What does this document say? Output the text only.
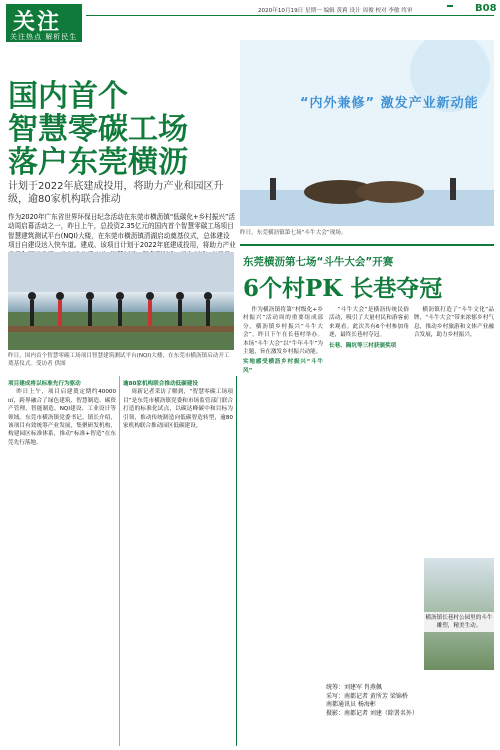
关注
关注热点 解析民生
2020年10月19日 星期一 编辑 黄莉 设计 周俊 校对 李敏 终审	B08
国内首个
智慧零碳工场
落户东莞横沥
计划于2022年底建成投用，将助力产业和园区升级，逾80家机构联合推动
作为2020年广东省世界环保日纪念活动在东莞市横沥镇“低碳化+乡村振兴”活动周启幕活动之一，昨日上午，总投资2.35亿元的国内首个智慧零碳工场项目智慧建筑测试平台(NQI)大楼，在东莞市横沥镇清湖启动奠基仪式，总体建设项目自建设达入快车道。建成、该项目计划于2022年底建成投用，将助力产业
昨日，国内首个智慧零碳工场项目智慧建筑测试平台(NQI)大楼，在东莞市横沥镇启动开工奠基仪式。受访者 供图
“内外兼修” 激发产业新动能
昨日，东莞横沥镇第七场“斗牛大会”现场。
东莞横沥第七场“斗牛大会”开赛
6个村PK 长巷夺冠
项目建成将以标准先行为驱动

昨日上午，项目启建奠定期约40000㎡，跨界融合了绿色建筑、智慧制造、碳资产管理、智能制造、NQI建设、工业设计等领域。东莞市横沥镇党委书记、镇长介绍，该项目有效统筹产业发展，集聚研发机构，构建园区标准体系，推动“标准+智造”在东莞先行落地。

逾80家机构联合推动低碳建设

周新记者采访了解到，“智慧零碳工场项目”是东莞市横沥镇党委和市场监管部门联合打造的标准化试点，以碳达峰碳中和目标为引领，推动传统制造向低碳智造转型，逾80家机构联合推动园区低碳建设。

作为横沥镇将第“村级化+乡村振兴”活动周的重要组成部分，横沥镇乡村振兴“斗牛大会”，昨日下午在长巷村举办。本场“斗牛大会”以“牛年斗牛”为主题，旨在激发乡村振兴动能。

实地感受横沥乡村振兴“斗牛风”

“斗牛大会”是横沥传统民俗活动，吸引了大量村民和游客前来观看。此次共有6个村参加角逐，最终长巷村夺冠。

长巷、隔坑等三村获颁奖项

横沥镇打造了“斗牛文化”品牌，“斗牛大会”带来浓郁乡村气息，推动乡村旅游和文体产业融合发展，助力乡村振兴。

横沥镇长巷村公园里的斗牛雕塑，精美生动。
统筹：刘建军 肖燕佩
采写：南都记者 黄所芳 梁锦桥
南都通讯员 杨海彬
摄影：南都记者 刘建（除署名外）
